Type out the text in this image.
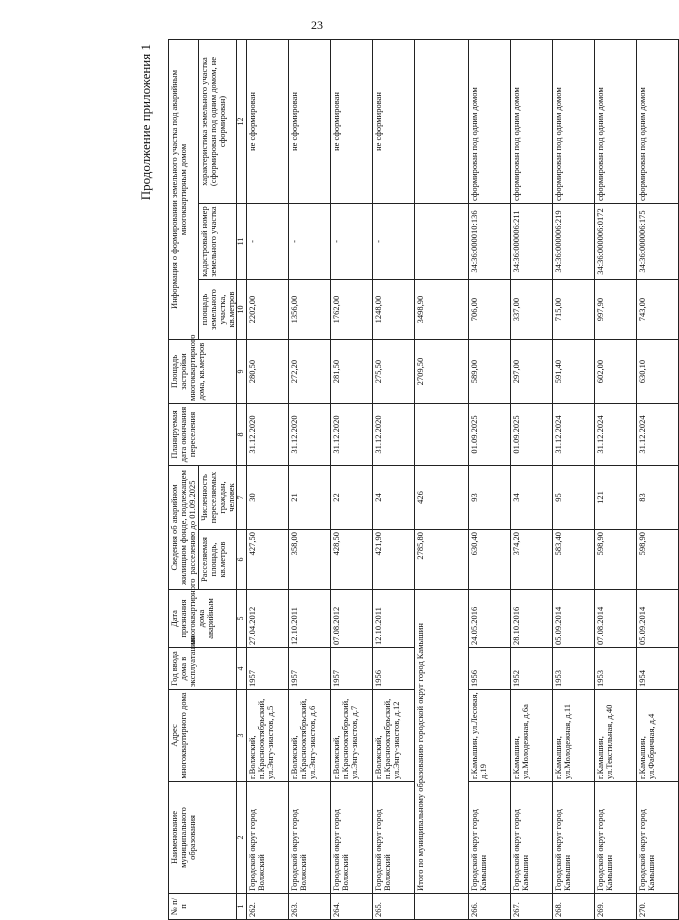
23
Продолжение приложения 1
№ п/п	Наименование муниципального образования	Адрес многоквартирного дома	Год ввода дома в эксплуатацию	Дата признания многоквартирного дома аварийным	Сведения об аварийном жилищном фонде, подлежащем расселению до 01.09.2025		Планируемая дата окончания переселения	Площадь застройки многоквартирного дома, кв.метров	Информация о формировании земельного участка под аварийным многоквартирным домом		
					Расселяемая площадь, кв.метров	Численность переселяемых граждан, человек			площадь земельного участка, кв.метров	кадастровый номер земельного участка	характеристика земельного участка (сформирован под одним домом, не сформирован)
1	2	3	4	5	6	7	8	9	10	11	12
262.	Городской округ город Волжский	г.Волжский, п.Краснооктябрьский, ул.Энгу-зиастов, д.5	1957	27.04.2012	427,50	30	31.12.2020	280,50	2202,00	-	не сформирован
263.	Городской округ город Волжский	г.Волжский, п.Краснооктябрьский, ул.Энгу-зиастов, д.6	1957	12.10.2011	358,00	21	31.12.2020	272,20	1356,00	-	не сформирован
264.	Городской округ город Волжский	г.Волжский, п.Краснооктябрьский, ул.Энгу-зиастов, д.7	1957	07.08.2012	428,50	22	31.12.2020	281,50	1762,00	-	не сформирован
265.	Городской округ город Волжский	г.Волжский, п.Краснооктябрьский, ул.Энгу-зиастов, д.12	1956	12.10.2011	421,90	24	31.12.2020	275,50	1248,00	-	не сформирован
	Итого по муниципальному образованию городской округ город Камышин				2785,80	426		2709,50	3498,90		
266.	Городской округ город Камышин	г.Камышин, ул.Лесовая, д.19	1956	24.05.2016	630,40	93	01.09.2025	589,00	706,00	34:36:000010:136	сформирован под одним домом
267.	Городской округ город Камышин	г.Камышин, ул.Молодежная, д.6а	1952	28.10.2016	374,20	34	01.09.2025	297,00	337,00	34:36:000006:211	сформирован под одним домом
268.	Городской округ город Камышин	г.Камышин, ул.Молодежная, д.11	1953	05.09.2014	583,40	95	31.12.2024	591,40	715,00	34:36:000006:219	сформирован под одним домом
269.	Городской округ город Камышин	г.Камышин, ул.Текстильная, д.40	1953	07.08.2014	598,90	121	31.12.2024	602,00	997,90	34:36:000006:0172	сформирован под одним домом
270.	Городской округ город Камышин	г.Камышин, ул.Фабричная, д.4	1954	05.09.2014	598,90	83	31.12.2024	630,10	743,00	34:36:000006:175	сформирован под одним домом
